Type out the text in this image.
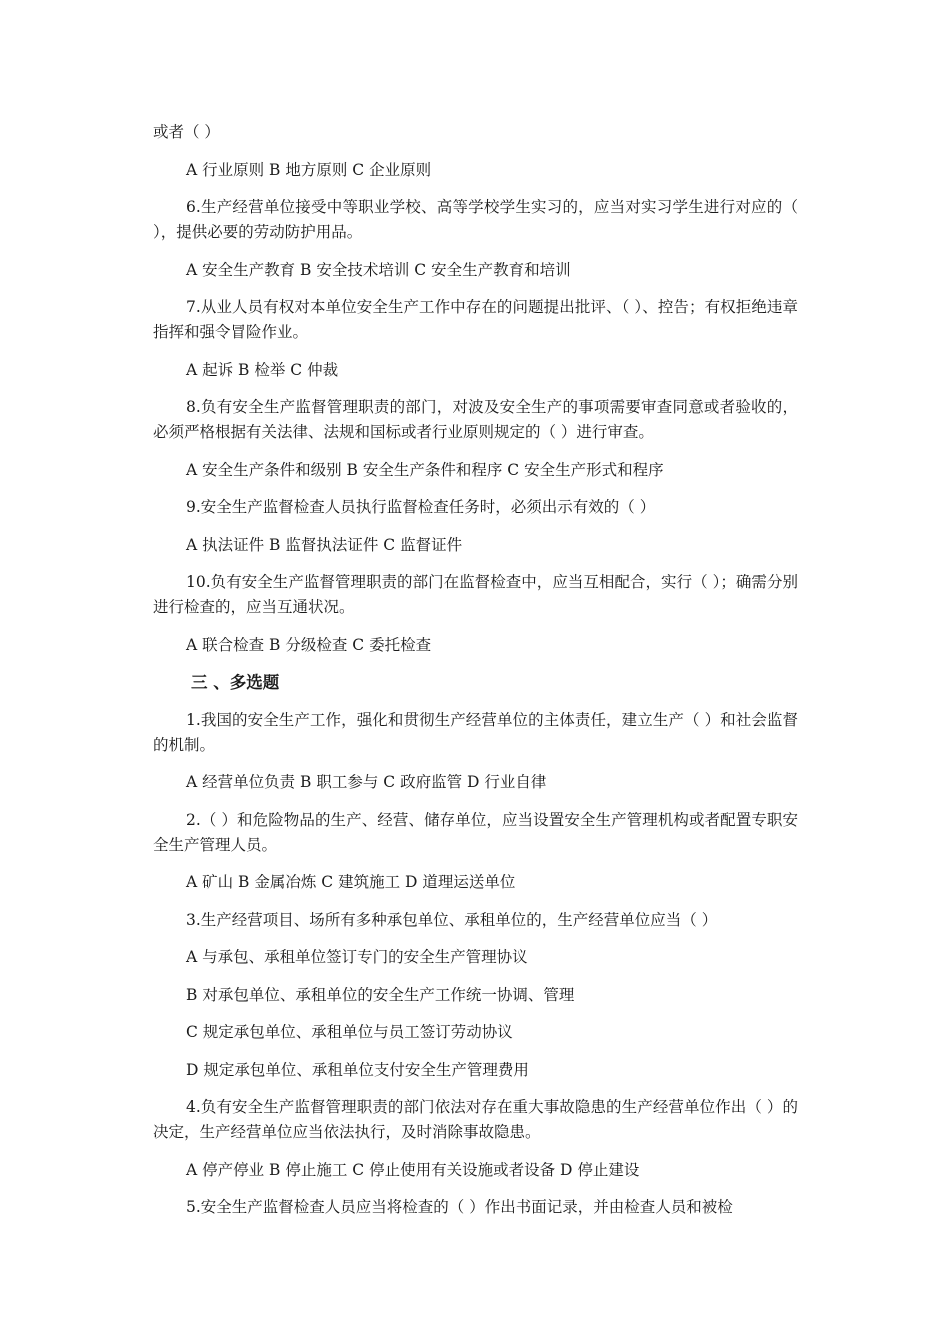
或者（ ）

A 行业原则 B 地方原则 C 企业原则

6.生产经营单位接受中等职业学校、高等学校学生实习的，应当对实习学生进行对应的（ ），提供必要的劳动防护用品。

A 安全生产教育 B 安全技术培训 C 安全生产教育和培训

7.从业人员有权对本单位安全生产工作中存在的问题提出批评、（ ）、控告；有权拒绝违章指挥和强令冒险作业。

A 起诉 B 检举 C 仲裁

8.负有安全生产监督管理职责的部门，对波及安全生产的事项需要审查同意或者验收的，必须严格根据有关法律、法规和国标或者行业原则规定的（ ）进行审查。

A 安全生产条件和级别 B 安全生产条件和程序 C 安全生产形式和程序

9.安全生产监督检查人员执行监督检查任务时，必须出示有效的（ ）

A 执法证件 B 监督执法证件 C 监督证件

10.负有安全生产监督管理职责的部门在监督检查中，应当互相配合，实行（ ）；确需分别进行检查的，应当互通状况。

A 联合检查 B 分级检查 C 委托检查

三 、多选题

1.我国的安全生产工作，强化和贯彻生产经营单位的主体责任，建立生产（ ）和社会监督的机制。

A 经营单位负责 B 职工参与 C 政府监管 D 行业自律

2.（ ）和危险物品的生产、经营、储存单位，应当设置安全生产管理机构或者配置专职安全生产管理人员。

A 矿山 B 金属冶炼 C 建筑施工 D 道理运送单位

3.生产经营项目、场所有多种承包单位、承租单位的，生产经营单位应当（ ）

A 与承包、承租单位签订专门的安全生产管理协议

B 对承包单位、承租单位的安全生产工作统一协调、管理

C 规定承包单位、承租单位与员工签订劳动协议

D 规定承包单位、承租单位支付安全生产管理费用

4.负有安全生产监督管理职责的部门依法对存在重大事故隐患的生产经营单位作出（ ）的决定，生产经营单位应当依法执行，及时消除事故隐患。

A 停产停业 B 停止施工 C 停止使用有关设施或者设备 D 停止建设

5.安全生产监督检查人员应当将检查的（ ）作出书面记录，并由检查人员和被检
